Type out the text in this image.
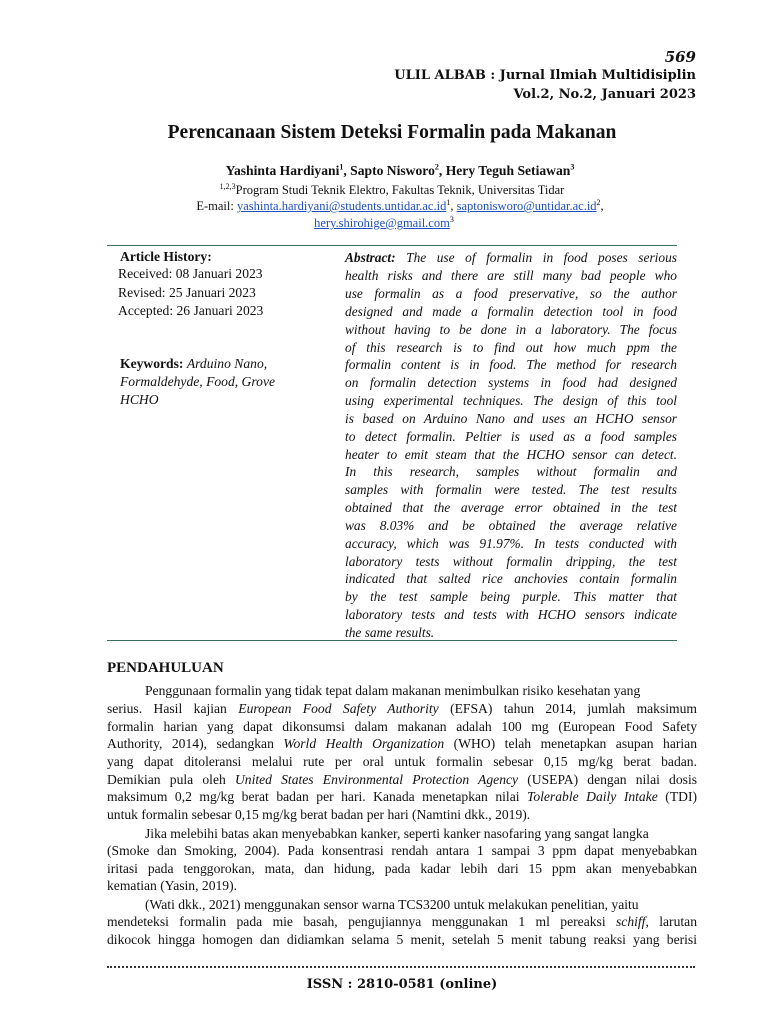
569
ULIL ALBAB : Jurnal Ilmiah Multidisiplin
Vol.2, No.2, Januari 2023
Perencanaan Sistem Deteksi Formalin pada Makanan
Yashinta Hardiyani$^1$, Sapto Nisworo$^2$, Hery Teguh Setiawan$^3$
$^{1,2,3}$Program Studi Teknik Elektro, Fakultas Teknik, Universitas Tidar
E-mail: $yashinta.hardiyani@students.untidar.ac.id^1$, $saptonisworo@untidar.ac.id^2$,
hery.shirohige@gmail.com$^3$
Article History:
Received: 08 Januari 2023
Revised: 25 Januari 2023
Accepted: 26 Januari 2023
Keywords: Arduino Nano,
Formaldehyde, Food, Grove
HCHO
Abstract: The use of formalin in food poses serious
health risks and there are still many bad people who
use formalin as a food preservative, so the author
designed and made a formalin detection tool in food
without having to be done in a laboratory. The focus
of this research is to find out how much ppm the
formalin content is in food. The method for research
on formalin detection systems in food had designed
using experimental techniques. The design of this tool
is based on Arduino Nano and uses an HCHO sensor
to detect formalin. Peltier is used as a food samples
heater to emit steam that the HCHO sensor can detect.
In this research, samples without formalin and
samples with formalin were tested. The test results
obtained that the average error obtained in the test
was 8.03% and be obtained the average relative
accuracy, which was 91.97%. In tests conducted with
laboratory tests without formalin dripping, the test
indicated that salted rice anchovies contain formalin
by the test sample being purple. This matter that
laboratory tests and tests with HCHO sensors indicate
the same results.
PENDAHULUAN
Penggunaan formalin yang tidak tepat dalam makanan menimbulkan risiko kesehatan yang
serius. Hasil kajian European Food Safety Authority (EFSA) tahun 2014, jumlah maksimum
formalin harian yang dapat dikonsumsi dalam makanan adalah 100 mg (European Food Safety
Authority, 2014), sedangkan World Health Organization (WHO) telah menetapkan asupan harian
yang dapat ditoleransi melalui rute per oral untuk formalin sebesar 0,15 mg/kg berat badan.
Demikian pula oleh United States Environmental Protection Agency (USEPA) dengan nilai dosis
maksimum 0,2 mg/kg berat badan per hari. Kanada menetapkan nilai Tolerable Daily Intake (TDI)
untuk formalin sebesar 0,15 mg/kg berat badan per hari (Namtini dkk., 2019).
Jika melebihi batas akan menyebabkan kanker, seperti kanker nasofaring yang sangat langka
(Smoke dan Smoking, 2004). Pada konsentrasi rendah antara 1 sampai 3 ppm dapat menyebabkan
iritasi pada tenggorokan, mata, dan hidung, pada kadar lebih dari 15 ppm akan menyebabkan
kematian (Yasin, 2019).
(Wati dkk., 2021) menggunakan sensor warna TCS3200 untuk melakukan penelitian, yaitu
mendeteksi formalin pada mie basah, pengujiannya menggunakan 1 ml pereaksi schiff, larutan
dikocok hingga homogen dan didiamkan selama 5 menit, setelah 5 menit tabung reaksi yang berisi
ISSN : 2810-0581 (online)
